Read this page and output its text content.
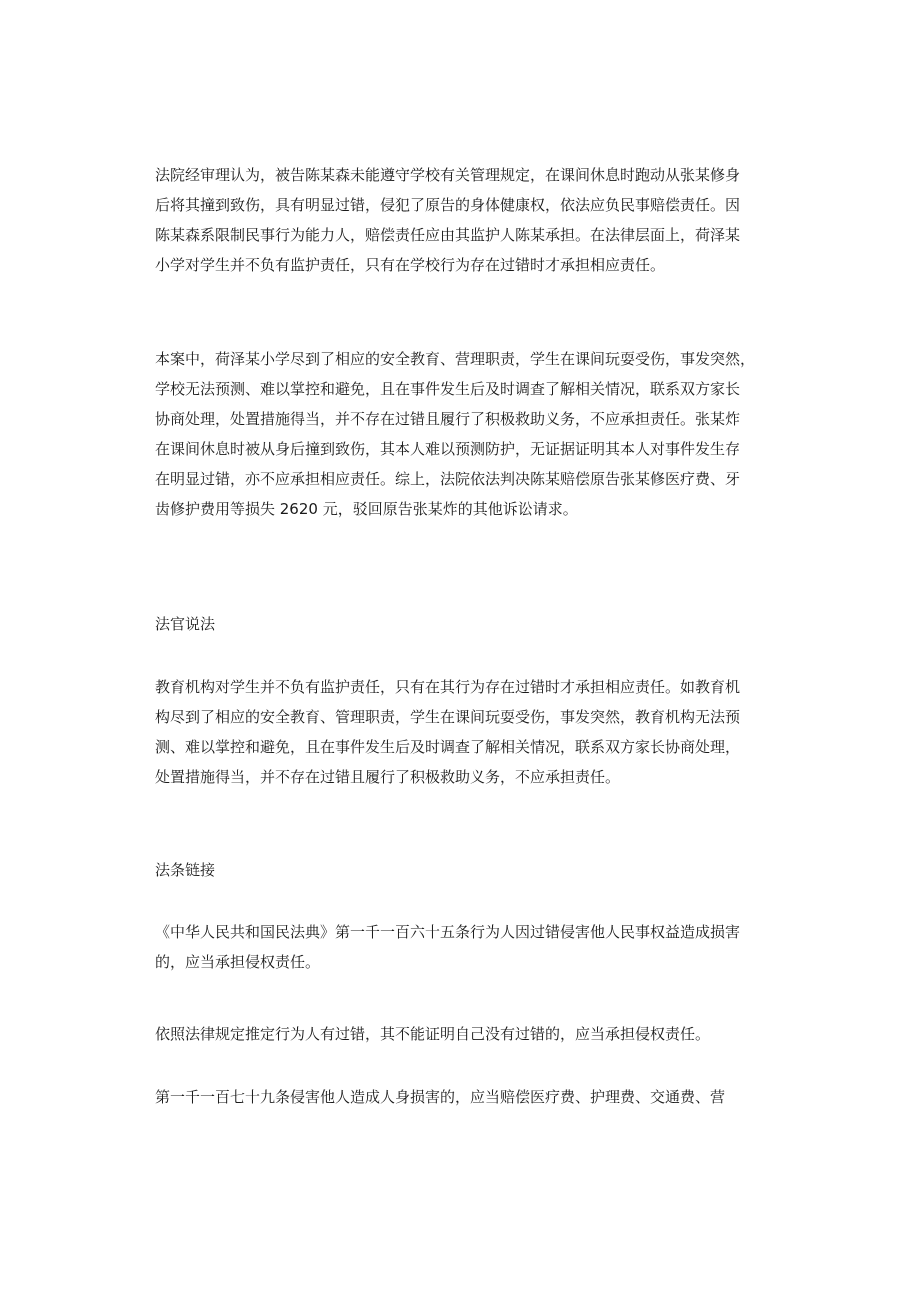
法院经审理认为，被告陈某森未能遵守学校有关管理规定，在课间休息时跑动从张某修身
后将其撞到致伤，具有明显过错，侵犯了原告的身体健康权，依法应负民事赔偿责任。因
陈某森系限制民事行为能力人，赔偿责任应由其监护人陈某承担。在法律层面上，荷泽某
小学对学生并不负有监护责任，只有在学校行为存在过错时才承担相应责任。
本案中，荷泽某小学尽到了相应的安全教育、营理职责，学生在课间玩耍受伤，事发突然，
学校无法预测、难以掌控和避免，且在事件发生后及时调查了解相关情况，联系双方家长
协商处理，处置措施得当，并不存在过错且履行了积极救助义务，不应承担责任。张某炸
在课间休息时被从身后撞到致伤，其本人难以预测防护，无证据证明其本人对事件发生存
在明显过错，亦不应承担相应责任。综上，法院依法判决陈某赔偿原告张某修医疗费、牙
齿修护费用等损失 2620 元，驳回原告张某炸的其他诉讼请求。
法官说法
教育机构对学生并不负有监护责任，只有在其行为存在过错时才承担相应责任。如教育机
构尽到了相应的安全教育、管理职责，学生在课间玩耍受伤，事发突然，教育机构无法预
测、难以掌控和避免，且在事件发生后及时调查了解相关情况，联系双方家长协商处理，
处置措施得当，并不存在过错且履行了积极救助义务，不应承担责任。
法条链接
《中华人民共和国民法典》第一千一百六十五条行为人因过错侵害他人民事权益造成损害
的，应当承担侵权责任。
依照法律规定推定行为人有过错，其不能证明自己没有过错的，应当承担侵权责任。
第一千一百七十九条侵害他人造成人身损害的，应当赔偿医疗费、护理费、交通费、营
